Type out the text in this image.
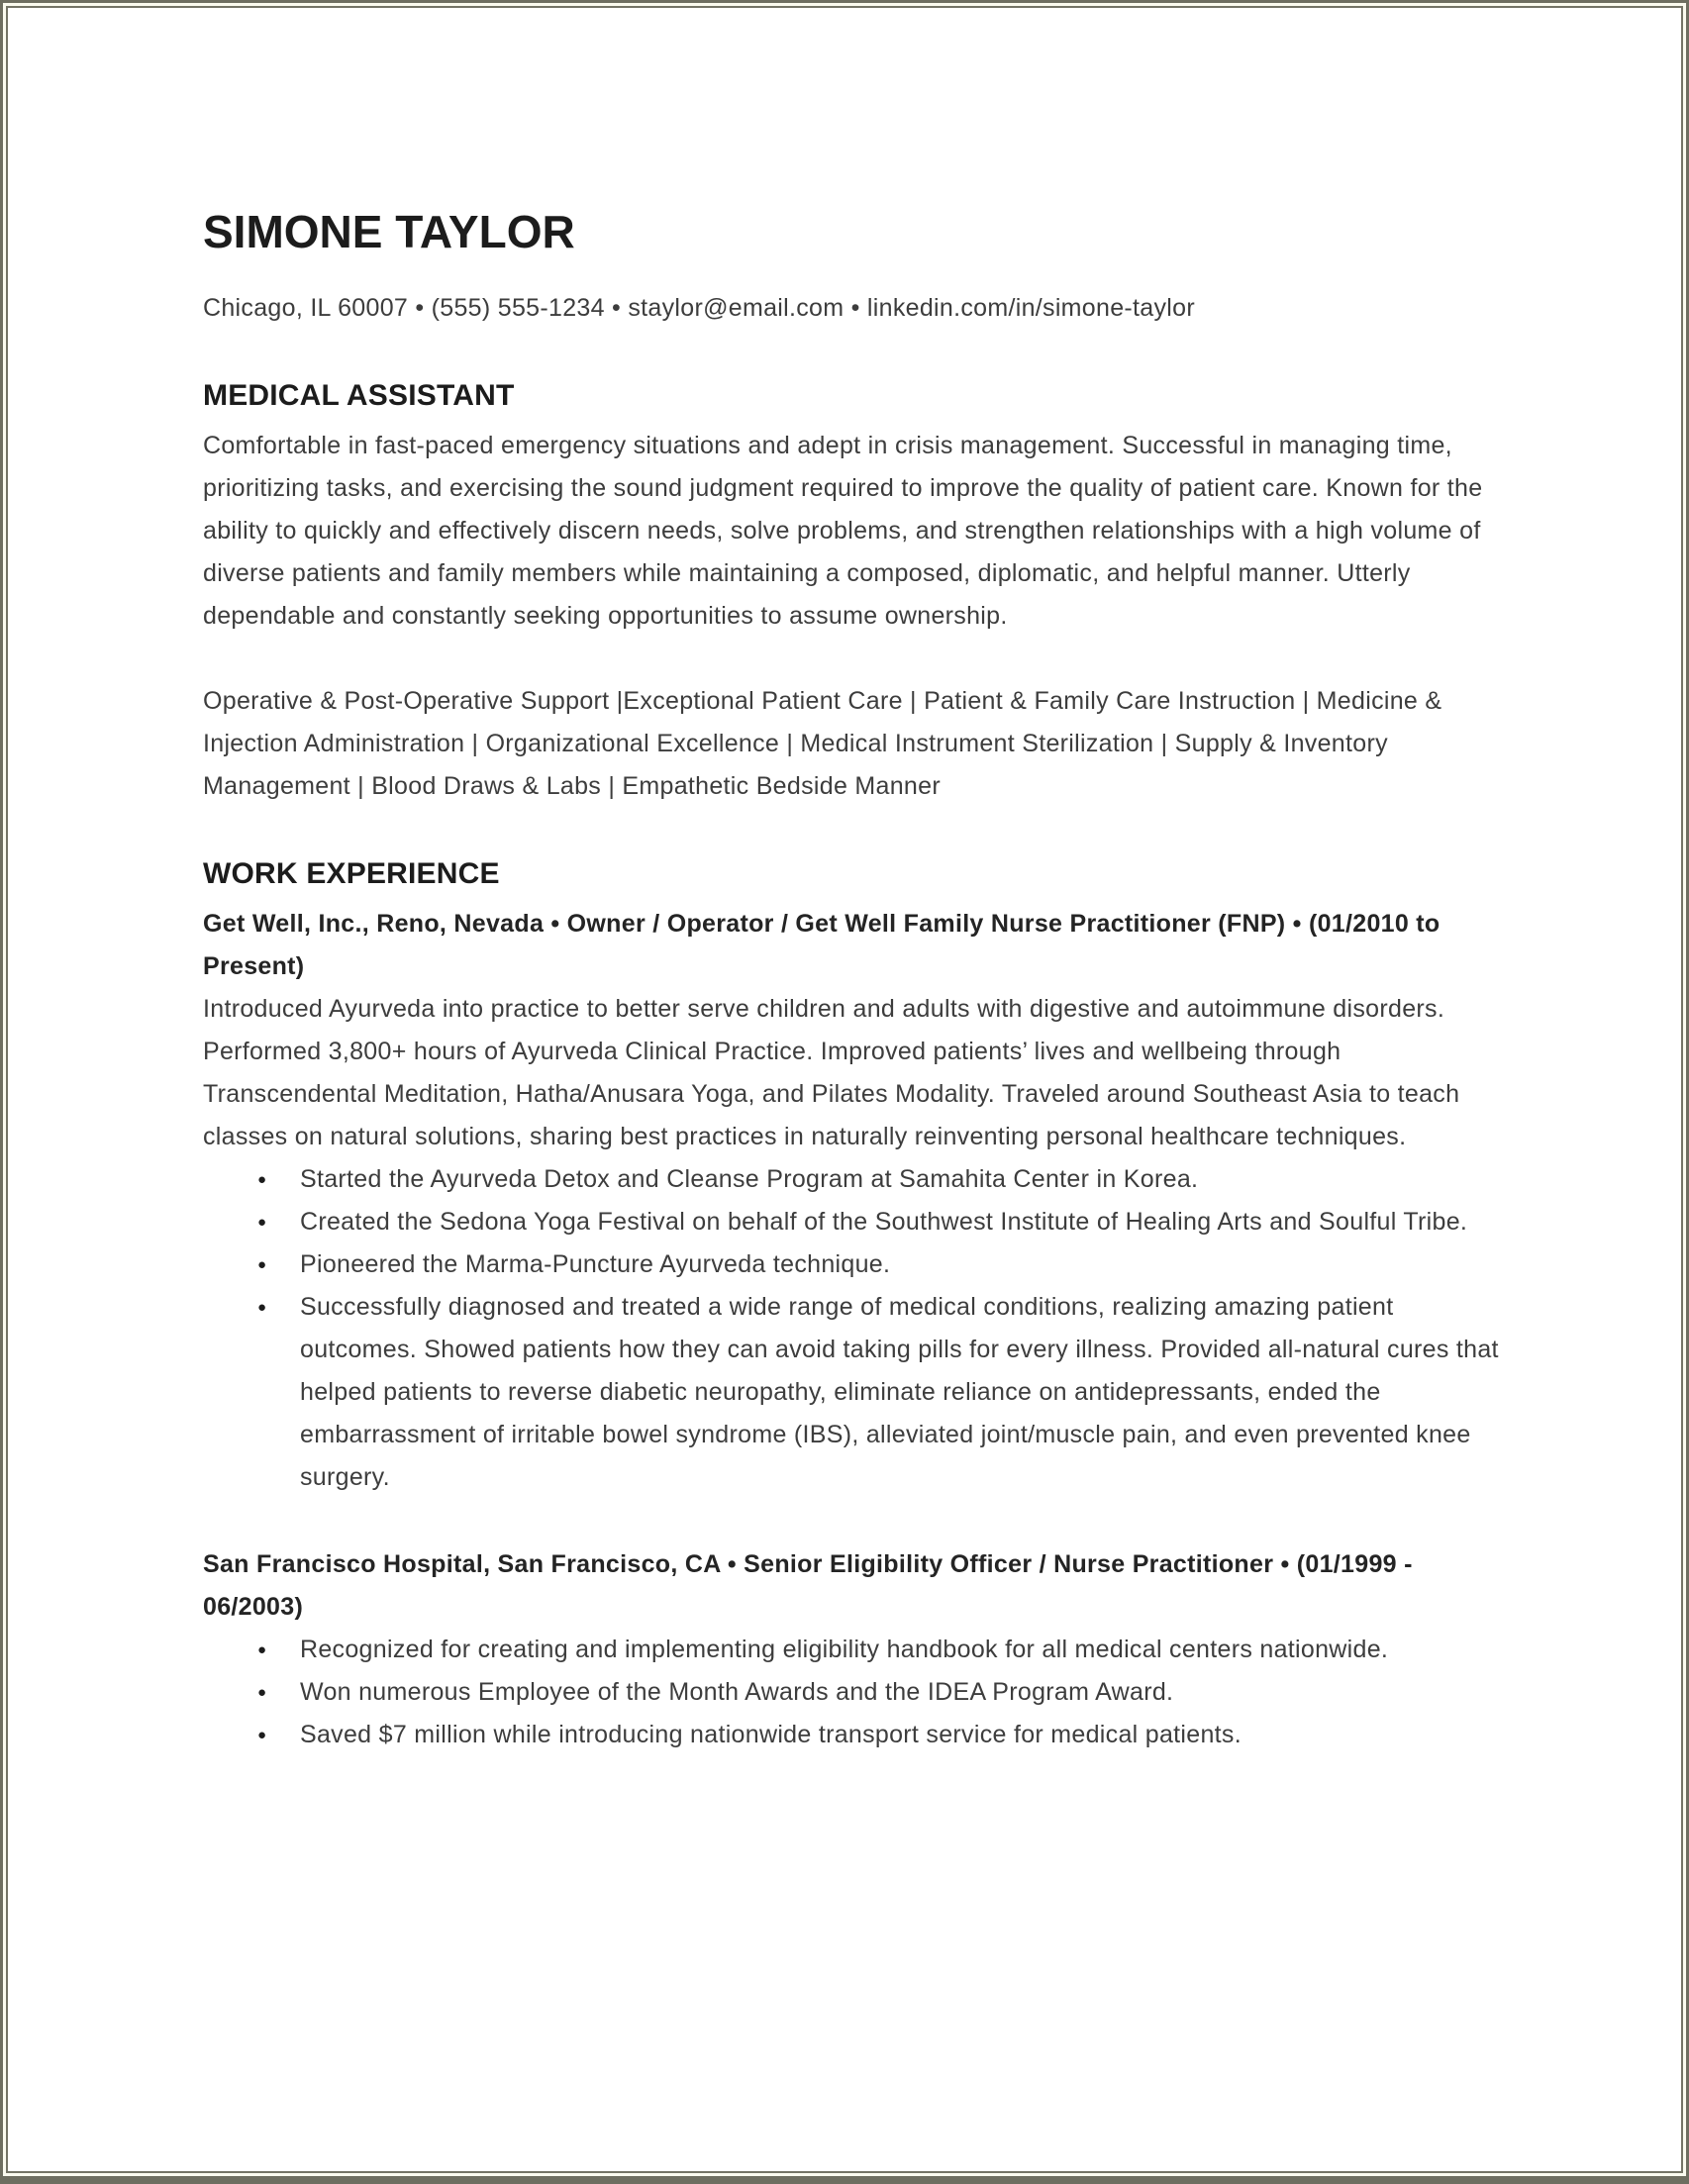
SIMONE TAYLOR

Chicago, IL 60007 • (555) 555-1234 • staylor@email.com • linkedin.com/in/simone-taylor

MEDICAL ASSISTANT

Comfortable in fast-paced emergency situations and adept in crisis management. Successful in managing time, prioritizing tasks, and exercising the sound judgment required to improve the quality of patient care. Known for the ability to quickly and effectively discern needs, solve problems, and strengthen relationships with a high volume of diverse patients and family members while maintaining a composed, diplomatic, and helpful manner. Utterly dependable and constantly seeking opportunities to assume ownership.

Operative & Post-Operative Support |Exceptional Patient Care | Patient & Family Care Instruction | Medicine & Injection Administration | Organizational Excellence | Medical Instrument Sterilization | Supply & Inventory Management | Blood Draws & Labs | Empathetic Bedside Manner

WORK EXPERIENCE

Get Well, Inc., Reno, Nevada • Owner / Operator / Get Well Family Nurse Practitioner (FNP) • (01/2010 to Present)

Introduced Ayurveda into practice to better serve children and adults with digestive and autoimmune disorders. Performed 3,800+ hours of Ayurveda Clinical Practice. Improved patients’ lives and wellbeing through Transcendental Meditation, Hatha/Anusara Yoga, and Pilates Modality. Traveled around Southeast Asia to teach classes on natural solutions, sharing best practices in naturally reinventing personal healthcare techniques.

● Started the Ayurveda Detox and Cleanse Program at Samahita Center in Korea.
● Created the Sedona Yoga Festival on behalf of the Southwest Institute of Healing Arts and Soulful Tribe.
● Pioneered the Marma-Puncture Ayurveda technique.
● Successfully diagnosed and treated a wide range of medical conditions, realizing amazing patient outcomes. Showed patients how they can avoid taking pills for every illness. Provided all-natural cures that helped patients to reverse diabetic neuropathy, eliminate reliance on antidepressants, ended the embarrassment of irritable bowel syndrome (IBS), alleviated joint/muscle pain, and even prevented knee surgery.

San Francisco Hospital, San Francisco, CA • Senior Eligibility Officer / Nurse Practitioner • (01/1999 - 06/2003)

● Recognized for creating and implementing eligibility handbook for all medical centers nationwide.
● Won numerous Employee of the Month Awards and the IDEA Program Award.
● Saved $7 million while introducing nationwide transport service for medical patients.
